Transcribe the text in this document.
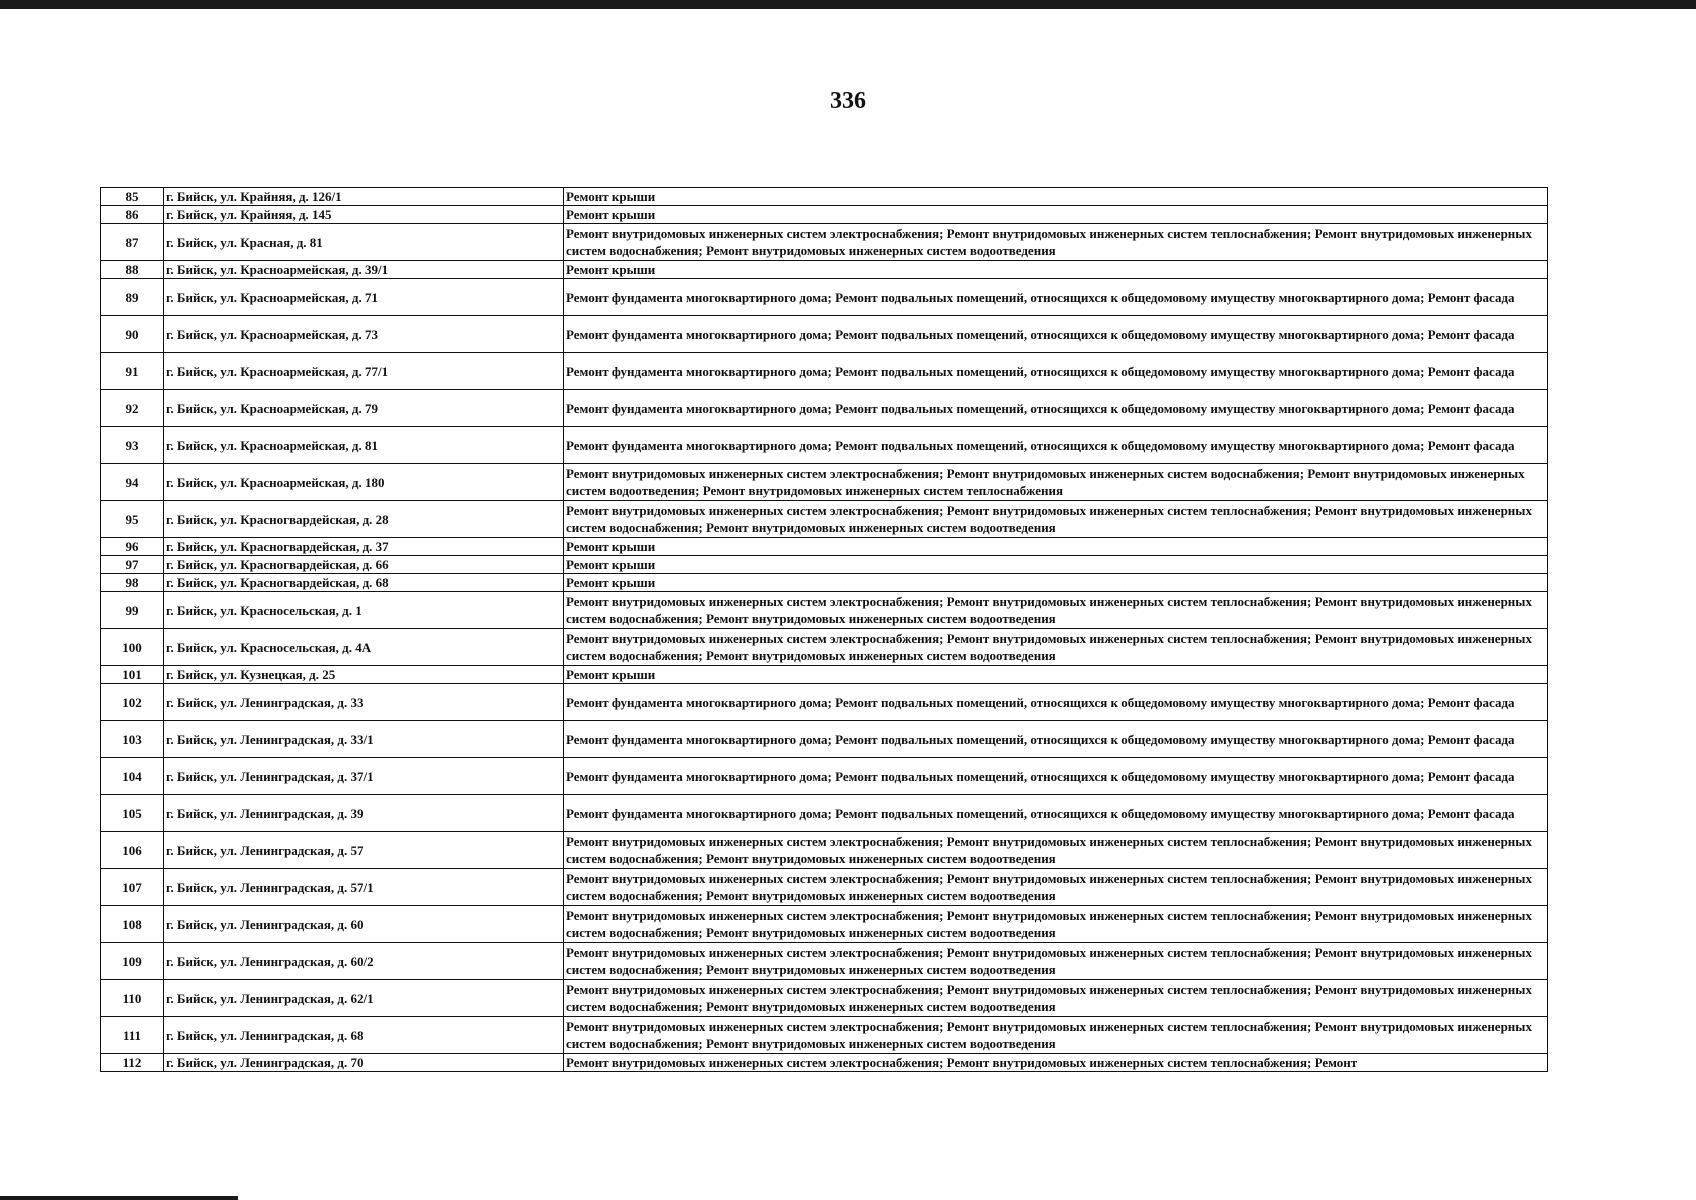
336
85	г. Бийск, ул. Крайняя, д. 126/1	Ремонт крыши
86	г. Бийск, ул. Крайняя, д. 145	Ремонт крыши
87	г. Бийск, ул. Красная, д. 81	Ремонт внутридомовых инженерных систем электроснабжения; Ремонт внутридомовых инженерных систем теплоснабжения; Ремонт внутридомовых инженерных систем водоснабжения; Ремонт внутридомовых инженерных систем водоотведения
88	г. Бийск, ул. Красноармейская, д. 39/1	Ремонт крыши
89	г. Бийск, ул. Красноармейская, д. 71	Ремонт фундамента многоквартирного дома; Ремонт подвальных помещений, относящихся к общедомовому имуществу многоквартирного дома; Ремонт фасада
90	г. Бийск, ул. Красноармейская, д. 73	Ремонт фундамента многоквартирного дома; Ремонт подвальных помещений, относящихся к общедомовому имуществу многоквартирного дома; Ремонт фасада
91	г. Бийск, ул. Красноармейская, д. 77/1	Ремонт фундамента многоквартирного дома; Ремонт подвальных помещений, относящихся к общедомовому имуществу многоквартирного дома; Ремонт фасада
92	г. Бийск, ул. Красноармейская, д. 79	Ремонт фундамента многоквартирного дома; Ремонт подвальных помещений, относящихся к общедомовому имуществу многоквартирного дома; Ремонт фасада
93	г. Бийск, ул. Красноармейская, д. 81	Ремонт фундамента многоквартирного дома; Ремонт подвальных помещений, относящихся к общедомовому имуществу многоквартирного дома; Ремонт фасада
94	г. Бийск, ул. Красноармейская, д. 180	Ремонт внутридомовых инженерных систем электроснабжения; Ремонт внутридомовых инженерных систем водоснабжения; Ремонт внутридомовых инженерных систем водоотведения; Ремонт внутридомовых инженерных систем теплоснабжения
95	г. Бийск, ул. Красногвардейская, д. 28	Ремонт внутридомовых инженерных систем электроснабжения; Ремонт внутридомовых инженерных систем теплоснабжения; Ремонт внутридомовых инженерных систем водоснабжения; Ремонт внутридомовых инженерных систем водоотведения
96	г. Бийск, ул. Красногвардейская, д. 37	Ремонт крыши
97	г. Бийск, ул. Красногвардейская, д. 66	Ремонт крыши
98	г. Бийск, ул. Красногвардейская, д. 68	Ремонт крыши
99	г. Бийск, ул. Красносельская, д. 1	Ремонт внутридомовых инженерных систем электроснабжения; Ремонт внутридомовых инженерных систем теплоснабжения; Ремонт внутридомовых инженерных систем водоснабжения; Ремонт внутридомовых инженерных систем водоотведения
100	г. Бийск, ул. Красносельская, д. 4А	Ремонт внутридомовых инженерных систем электроснабжения; Ремонт внутридомовых инженерных систем теплоснабжения; Ремонт внутридомовых инженерных систем водоснабжения; Ремонт внутридомовых инженерных систем водоотведения
101	г. Бийск, ул. Кузнецкая, д. 25	Ремонт крыши
102	г. Бийск, ул. Ленинградская, д. 33	Ремонт фундамента многоквартирного дома; Ремонт подвальных помещений, относящихся к общедомовому имуществу многоквартирного дома; Ремонт фасада
103	г. Бийск, ул. Ленинградская, д. 33/1	Ремонт фундамента многоквартирного дома; Ремонт подвальных помещений, относящихся к общедомовому имуществу многоквартирного дома; Ремонт фасада
104	г. Бийск, ул. Ленинградская, д. 37/1	Ремонт фундамента многоквартирного дома; Ремонт подвальных помещений, относящихся к общедомовому имуществу многоквартирного дома; Ремонт фасада
105	г. Бийск, ул. Ленинградская, д. 39	Ремонт фундамента многоквартирного дома; Ремонт подвальных помещений, относящихся к общедомовому имуществу многоквартирного дома; Ремонт фасада
106	г. Бийск, ул. Ленинградская, д. 57	Ремонт внутридомовых инженерных систем электроснабжения; Ремонт внутридомовых инженерных систем теплоснабжения; Ремонт внутридомовых инженерных систем водоснабжения; Ремонт внутридомовых инженерных систем водоотведения
107	г. Бийск, ул. Ленинградская, д. 57/1	Ремонт внутридомовых инженерных систем электроснабжения; Ремонт внутридомовых инженерных систем теплоснабжения; Ремонт внутридомовых инженерных систем водоснабжения; Ремонт внутридомовых инженерных систем водоотведения
108	г. Бийск, ул. Ленинградская, д. 60	Ремонт внутридомовых инженерных систем электроснабжения; Ремонт внутридомовых инженерных систем теплоснабжения; Ремонт внутридомовых инженерных систем водоснабжения; Ремонт внутридомовых инженерных систем водоотведения
109	г. Бийск, ул. Ленинградская, д. 60/2	Ремонт внутридомовых инженерных систем электроснабжения; Ремонт внутридомовых инженерных систем теплоснабжения; Ремонт внутридомовых инженерных систем водоснабжения; Ремонт внутридомовых инженерных систем водоотведения
110	г. Бийск, ул. Ленинградская, д. 62/1	Ремонт внутридомовых инженерных систем электроснабжения; Ремонт внутридомовых инженерных систем теплоснабжения; Ремонт внутридомовых инженерных систем водоснабжения; Ремонт внутридомовых инженерных систем водоотведения
111	г. Бийск, ул. Ленинградская, д. 68	Ремонт внутридомовых инженерных систем электроснабжения; Ремонт внутридомовых инженерных систем теплоснабжения; Ремонт внутридомовых инженерных систем водоснабжения; Ремонт внутридомовых инженерных систем водоотведения
112	г. Бийск, ул. Ленинградская, д. 70	Ремонт внутридомовых инженерных систем электроснабжения; Ремонт внутридомовых инженерных систем теплоснабжения; Ремонт
